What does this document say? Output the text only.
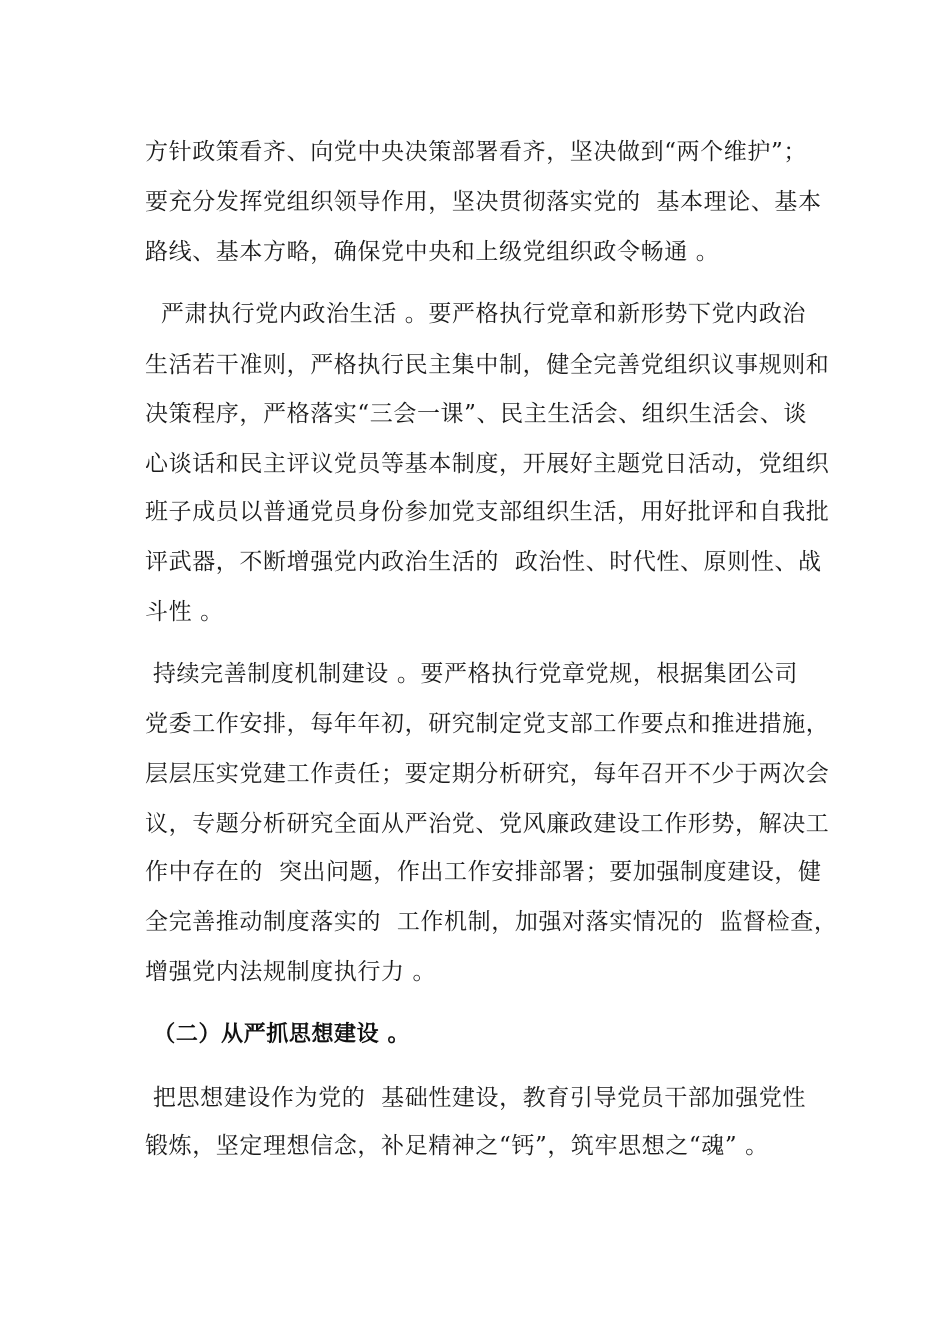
方针政策看齐、向党中央决策部署看齐，坚决做到“两个维护”；
要充分发挥党组织领导作用，坚决贯彻落实党的  基本理论、基本
路线、基本方略，确保党中央和上级党组织政令畅通 。
严肃执行党内政治生活 。要严格执行党章和新形势下党内政治
生活若干准则，严格执行民主集中制，健全完善党组织议事规则和
决策程序，严格落实“三会一课”、民主生活会、组织生活会、谈
心谈话和民主评议党员等基本制度，开展好主题党日活动，党组织
班子成员以普通党员身份参加党支部组织生活，用好批评和自我批
评武器，不断增强党内政治生活的  政治性、时代性、原则性、战
斗性 。
持续完善制度机制建设 。要严格执行党章党规，根据集团公司
党委工作安排，每年年初，研究制定党支部工作要点和推进措施，
层层压实党建工作责任；要定期分析研究，每年召开不少于两次会
议，专题分析研究全面从严治党、党风廉政建设工作形势，解决工
作中存在的  突出问题，作出工作安排部署；要加强制度建设，健
全完善推动制度落实的  工作机制，加强对落实情况的  监督检查，
增强党内法规制度执行力 。
（二）从严抓思想建设 。
把思想建设作为党的  基础性建设，教育引导党员干部加强党性
锻炼，坚定理想信念，补足精神之“钙”，筑牢思想之“魂” 。
